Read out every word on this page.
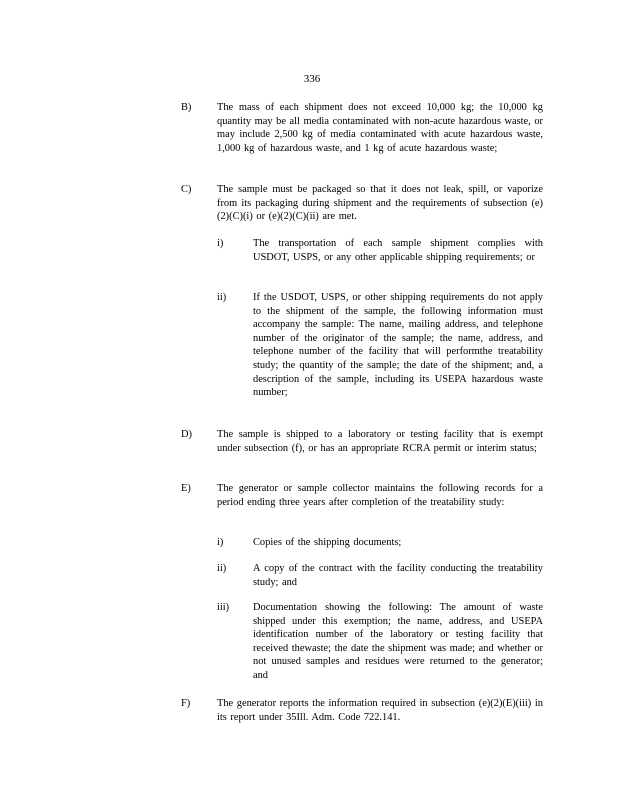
336
B) The mass of each shipment does not exceed 10,000 kg; the 10,000 kg quantity may be all media contaminated with non-acute hazardous waste, or may include 2,500 kg of media contaminated with acute hazardous waste, 1,000 kg of hazardous waste, and 1 kg of acute hazardous waste;
C) The sample must be packaged so that it does not leak, spill, or vaporize from its packaging during shipment and the requirements of subsection (e)(2)(C)(i) or (e)(2)(C)(ii) are met.
i)	The transportation of each sample shipment complies with USDOT, USPS, or any other applicable shipping requirements; or
ii)	If the USDOT, USPS, or other shipping requirements do not apply to the shipment of the sample, the following information must accompany the sample: The name, mailing address, and telephone number of the originator of the sample; the name, address, and telephone number of the facility that will performthe treatability study; the quantity of the sample; the date of the shipment; and, a description of the sample, including its USEPA hazardous waste number;
D) The sample is shipped to a laboratory or testing facility that is exempt under subsection (f), or has an appropriate RCRA permit or interim status;
E)	The generator or sample collector maintains the following records for a period ending three years after completion of the treatability study:
i)	Copies of the shipping documents;
ii)	A copy of the contract with the facility conducting the treatability study; and
iii) Documentation showing the following: The amount of waste shipped under this exemption; the name, address, and USEPA identification number of the laboratory or testing facility that received thewaste; the date the shipment was made; and whether or not unused samples and residues were returned to the generator; and
F)	The generator reports the information required in subsection (e)(2)(E)(iii) in its report under 35Ill. Adm. Code 722.141.
